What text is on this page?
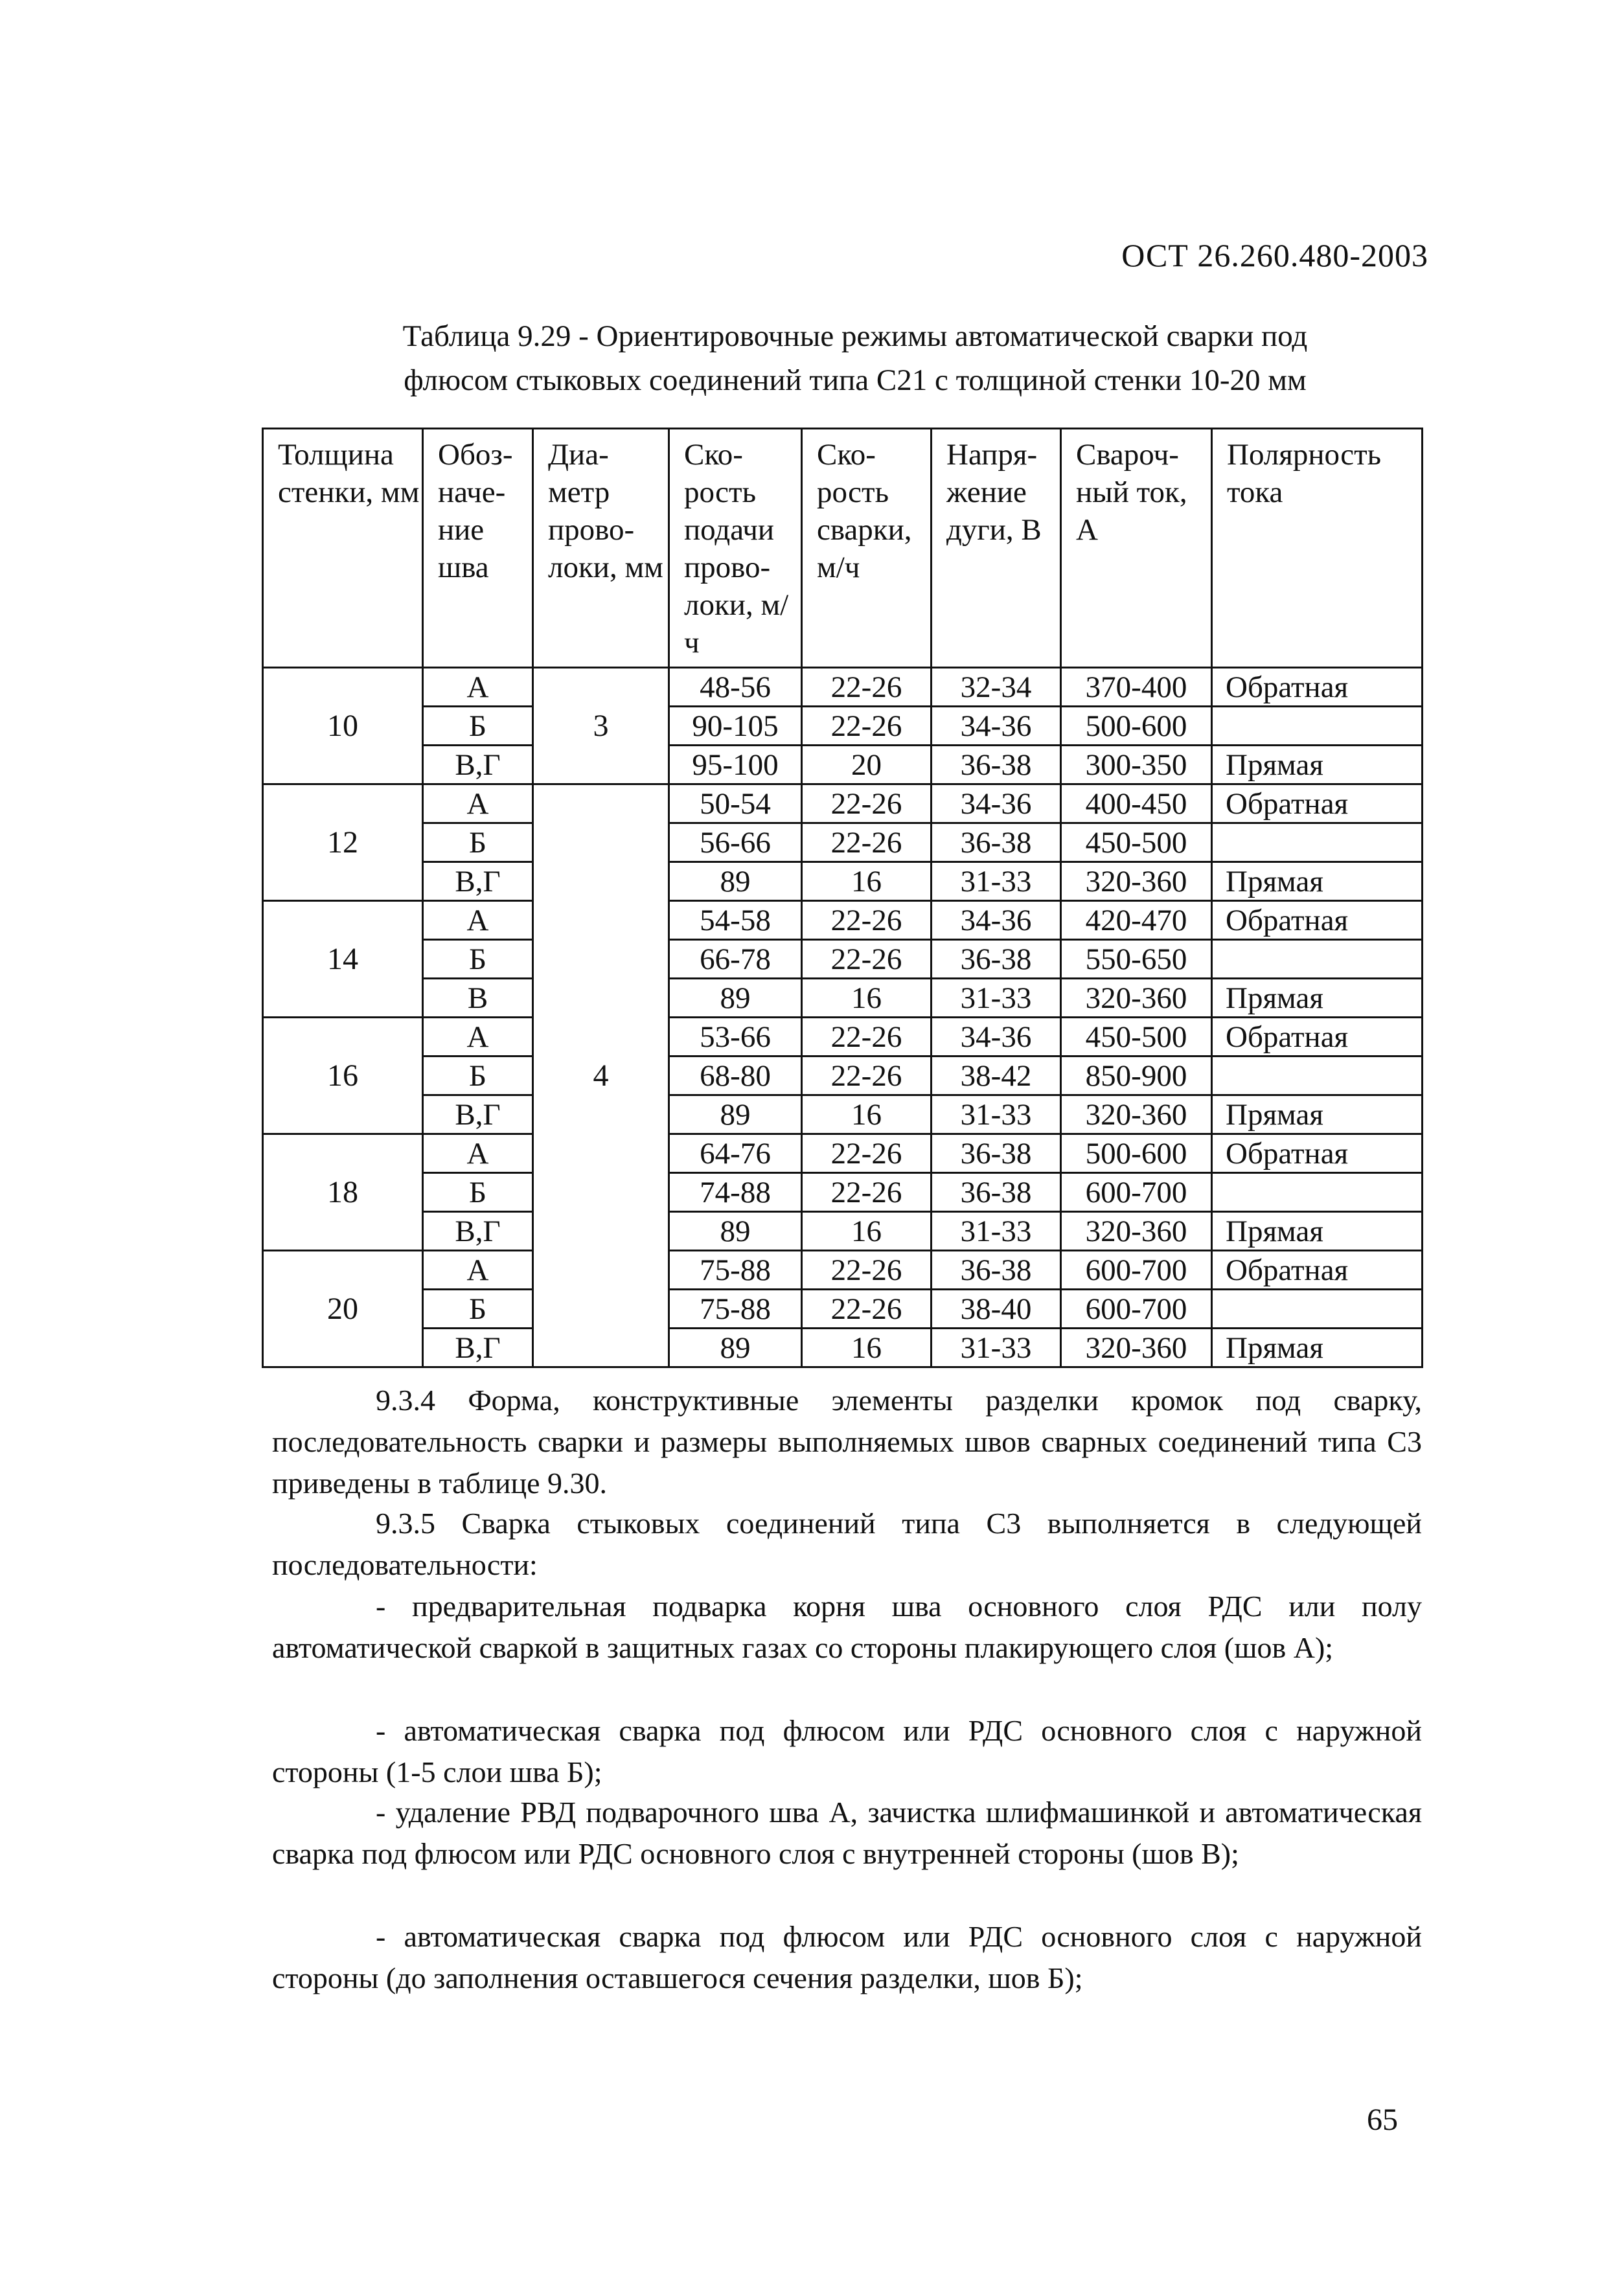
ОСТ 26.260.480-2003
Таблица 9.29 - Ориентировочные режимы автоматической сварки под
флюсом стыковых соединений типа С21 с толщиной стенки 10-20 мм
Толщина стенки, мм	Обоз-наче-ние шва	Диа-метр прово-локи, мм	Ско-рость подачи прово-локи, м/ч	Ско-рость сварки, м/ч	Напря-жение дуги, В	Свароч-ный ток, А	Полярность тока
10	А	3	48-56	22-26	32-34	370-400	Обратная
	Б		90-105	22-26	34-36	500-600	
	В,Г		95-100	20	36-38	300-350	Прямая
12	А	4	50-54	22-26	34-36	400-450	Обратная
	Б		56-66	22-26	36-38	450-500	
	В,Г		89	16	31-33	320-360	Прямая
14	А		54-58	22-26	34-36	420-470	Обратная
	Б		66-78	22-26	36-38	550-650	
	В		89	16	31-33	320-360	Прямая
16	А		53-66	22-26	34-36	450-500	Обратная
	Б		68-80	22-26	38-42	850-900	
	В,Г		89	16	31-33	320-360	Прямая
18	А		64-76	22-26	36-38	500-600	Обратная
	Б		74-88	22-26	36-38	600-700	
	В,Г		89	16	31-33	320-360	Прямая
20	А		75-88	22-26	36-38	600-700	Обратная
	Б		75-88	22-26	38-40	600-700	
	В,Г		89	16	31-33	320-360	Прямая
9.3.4 Форма, конструктивные элементы разделки кромок под сварку, последовательность сварки и размеры выполняемых швов сварных соединений типа С3 приведены в таблице 9.30.
9.3.5 Сварка стыковых соединений типа С3 выполняется в следующей последовательности:
- предварительная подварка корня шва основного слоя РДС или полу автоматической сваркой в защитных газах со стороны плакирующего слоя (шов А);
- автоматическая сварка под флюсом или РДС основного слоя с наружной стороны (1-5 слои шва Б);
- удаление РВД подварочного шва А, зачистка шлифмашинкой и автоматическая сварка под флюсом или РДС основного слоя с внутренней стороны (шов В);
- автоматическая сварка под флюсом или РДС основного слоя с наружной стороны (до заполнения оставшегося сечения разделки, шов Б);
65
